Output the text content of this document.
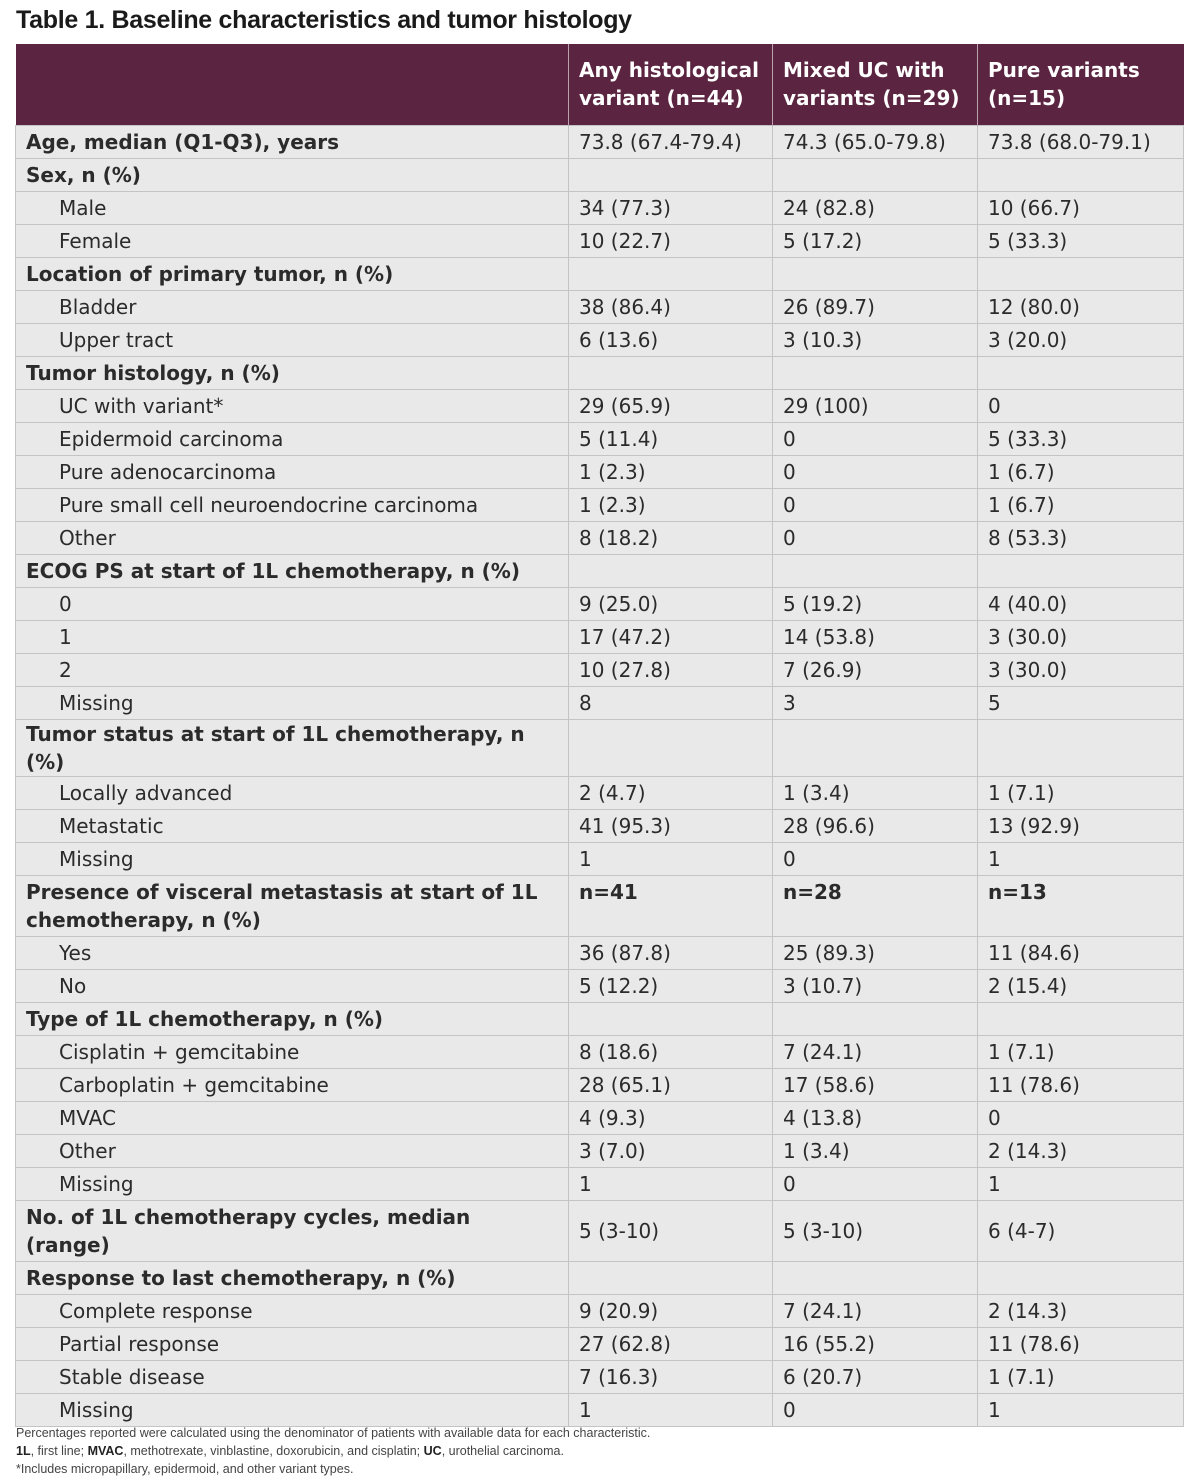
Table 1. Baseline characteristics and tumor histology
	Any histological variant (n=44)	Mixed UC with variants (n=29)	Pure variants (n=15)
Age, median (Q1-Q3), years	73.8 (67.4-79.4)	74.3 (65.0-79.8)	73.8 (68.0-79.1)
Sex, n (%)			
Male	34 (77.3)	24 (82.8)	10 (66.7)
Female	10 (22.7)	5 (17.2)	5 (33.3)
Location of primary tumor, n (%)			
Bladder	38 (86.4)	26 (89.7)	12 (80.0)
Upper tract	6 (13.6)	3 (10.3)	3 (20.0)
Tumor histology, n (%)			
UC with variant*	29 (65.9)	29 (100)	0
Epidermoid carcinoma	5 (11.4)	0	5 (33.3)
Pure adenocarcinoma	1 (2.3)	0	1 (6.7)
Pure small cell neuroendocrine carcinoma	1 (2.3)	0	1 (6.7)
Other	8 (18.2)	0	8 (53.3)
ECOG PS at start of 1L chemotherapy, n (%)			
0	9 (25.0)	5 (19.2)	4 (40.0)
1	17 (47.2)	14 (53.8)	3 (30.0)
2	10 (27.8)	7 (26.9)	3 (30.0)
Missing	8	3	5
Tumor status at start of 1L chemotherapy, n (%)			
Locally advanced	2 (4.7)	1 (3.4)	1 (7.1)
Metastatic	41 (95.3)	28 (96.6)	13 (92.9)
Missing	1	0	1
Presence of visceral metastasis at start of 1L chemotherapy, n (%)	n=41	n=28	n=13
Yes	36 (87.8)	25 (89.3)	11 (84.6)
No	5 (12.2)	3 (10.7)	2 (15.4)
Type of 1L chemotherapy, n (%)			
Cisplatin + gemcitabine	8 (18.6)	7 (24.1)	1 (7.1)
Carboplatin + gemcitabine	28 (65.1)	17 (58.6)	11 (78.6)
MVAC	4 (9.3)	4 (13.8)	0
Other	3 (7.0)	1 (3.4)	2 (14.3)
Missing	1	0	1
No. of 1L chemotherapy cycles, median (range)	5 (3-10)	5 (3-10)	6 (4-7)
Response to last chemotherapy, n (%)			
Complete response	9 (20.9)	7 (24.1)	2 (14.3)
Partial response	27 (62.8)	16 (55.2)	11 (78.6)
Stable disease	7 (16.3)	6 (20.7)	1 (7.1)
Missing	1	0	1
Percentages reported were calculated using the denominator of patients with available data for each characteristic.
1L, first line; MVAC, methotrexate, vinblastine, doxorubicin, and cisplatin; UC, urothelial carcinoma.
*Includes micropapillary, epidermoid, and other variant types.
